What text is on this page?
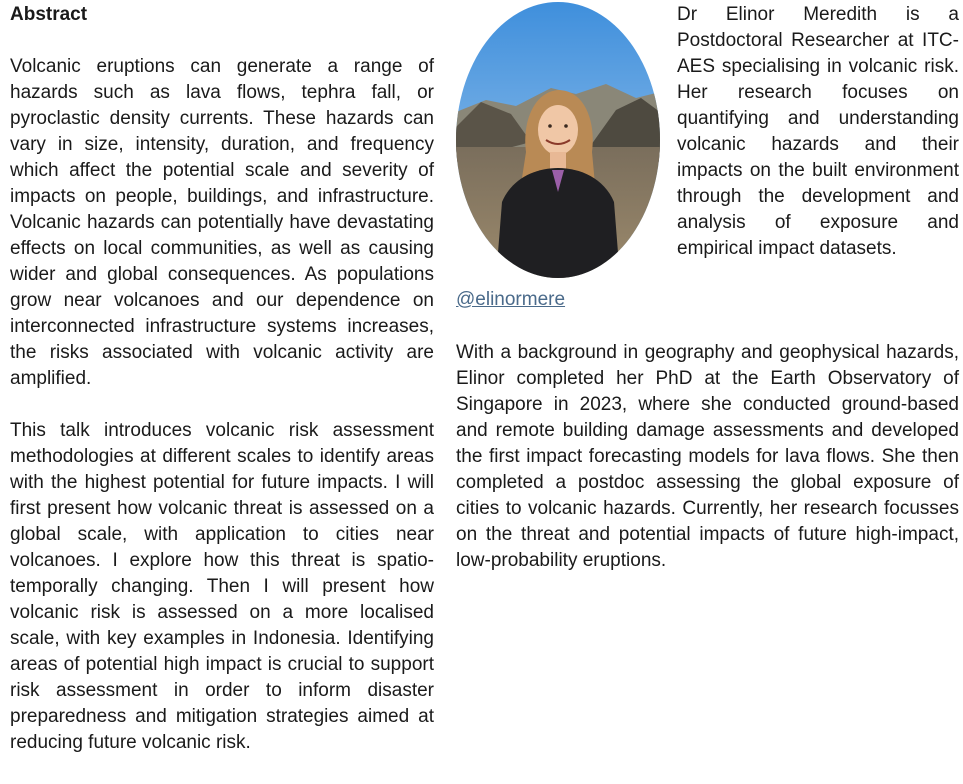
Abstract

Volcanic eruptions can generate a range of hazards such as lava flows, tephra fall, or pyroclastic density currents. These hazards can vary in size, intensity, duration, and frequency which affect the potential scale and severity of impacts on people, buildings, and infrastructure. Volcanic hazards can potentially have devastating effects on local communities, as well as causing wider and global consequences. As populations grow near volcanoes and our dependence on interconnected infrastructure systems increases, the risks associated with volcanic activity are amplified.

This talk introduces volcanic risk assessment methodologies at different scales to identify areas with the highest potential for future impacts. I will first present how volcanic threat is assessed on a global scale, with application to cities near volcanoes. I explore how this threat is spatio-temporally changing. Then I will present how volcanic risk is assessed on a more localised scale, with key examples in Indonesia. Identifying areas of potential high impact is crucial to support risk assessment in order to inform disaster preparedness and mitigation strategies aimed at reducing future volcanic risk.

@elinormere

Dr Elinor Meredith is a Postdoctoral Researcher at ITC-AES specialising in volcanic risk. Her research focuses on quantifying and understanding volcanic hazards and their impacts on the built environment through the development and analysis of exposure and empirical impact datasets.

With a background in geography and geophysical hazards, Elinor completed her PhD at the Earth Observatory of Singapore in 2023, where she conducted ground-based and remote building damage assessments and developed the first impact forecasting models for lava flows. She then completed a postdoc assessing the global exposure of cities to volcanic hazards. Currently, her research focusses on the threat and potential impacts of future high-impact, low-probability eruptions.
